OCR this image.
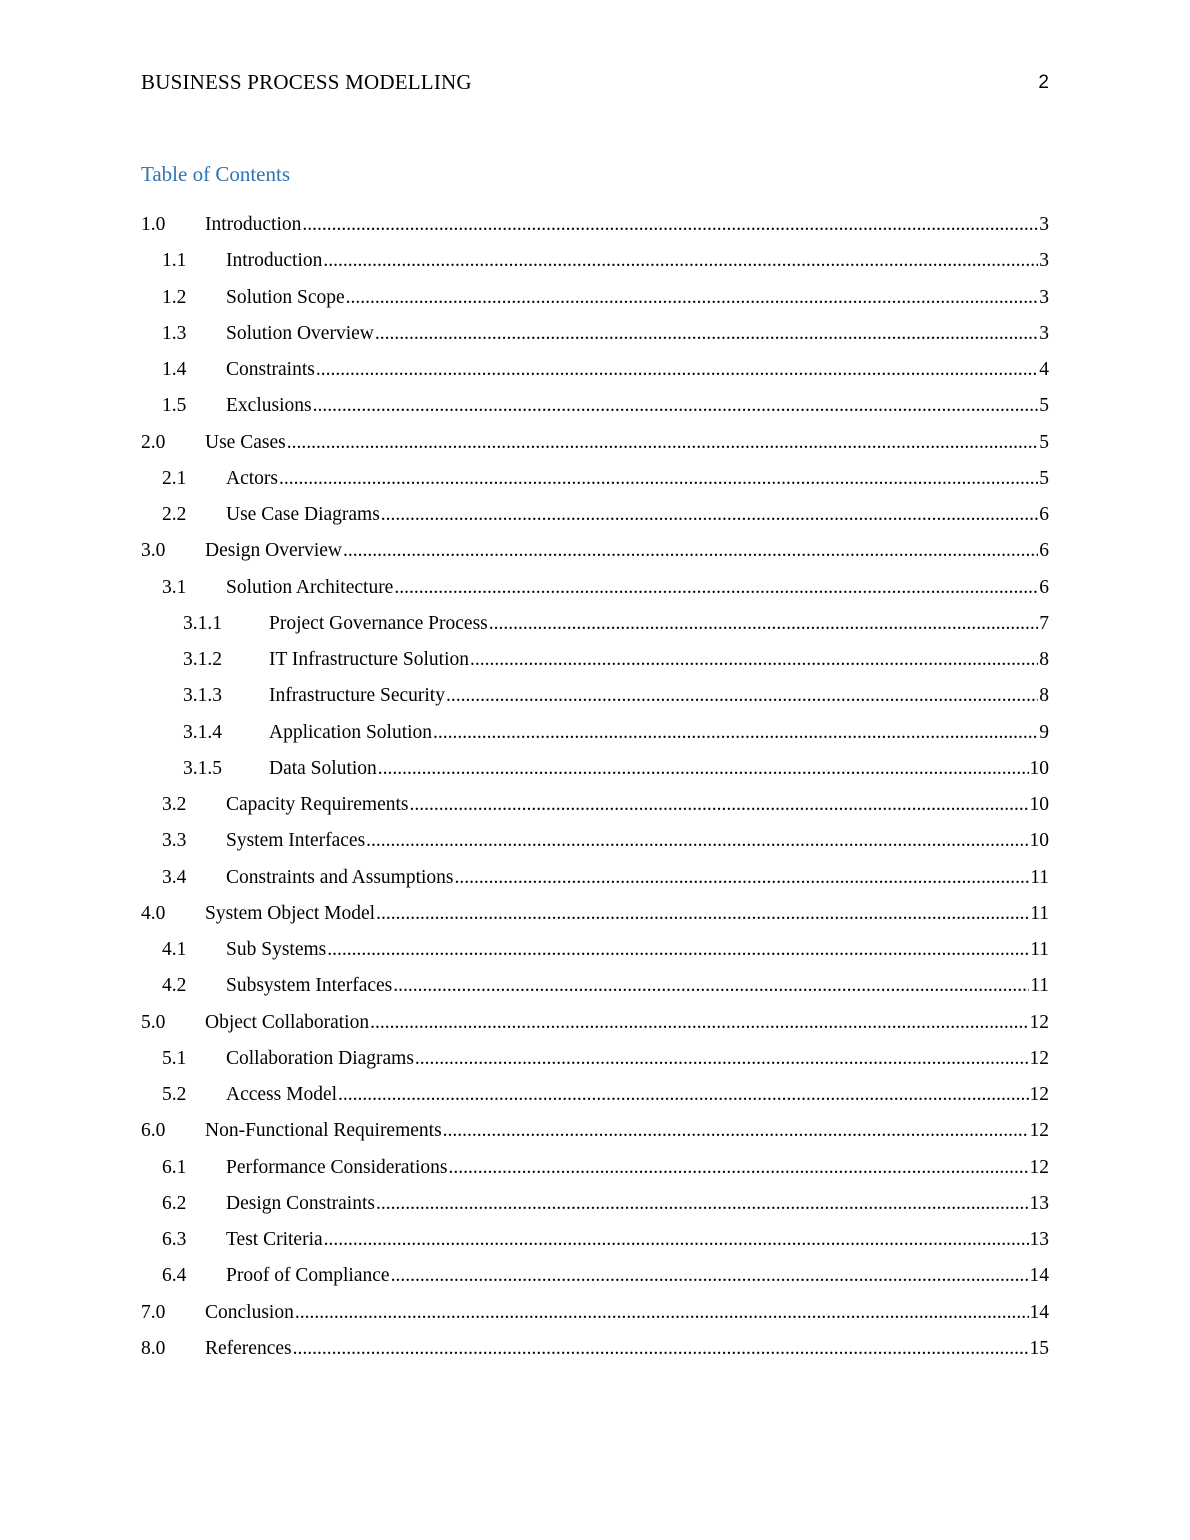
BUSINESS PROCESS MODELLING	2
Table of Contents
1.0	Introduction .....	3
1.1	Introduction .....	3
1.2	Solution Scope .....	3
1.3	Solution Overview .....	3
1.4	Constraints .....	4
1.5	Exclusions .....	5
2.0	Use Cases .....	5
2.1	Actors .....	5
2.2	Use Case Diagrams .....	6
3.0	Design Overview .....	6
3.1	Solution Architecture .....	6
3.1.1	Project Governance Process .....	7
3.1.2	IT Infrastructure Solution .....	8
3.1.3	Infrastructure Security .....	8
3.1.4	Application Solution .....	9
3.1.5	Data Solution .....	10
3.2	Capacity Requirements .....	10
3.3	System Interfaces .....	10
3.4	Constraints and Assumptions .....	11
4.0	System Object Model .....	11
4.1	Sub Systems .....	11
4.2	Subsystem Interfaces .....	11
5.0	Object Collaboration .....	12
5.1	Collaboration Diagrams .....	12
5.2	Access Model .....	12
6.0	Non-Functional Requirements .....	12
6.1	Performance Considerations .....	12
6.2	Design Constraints .....	13
6.3	Test Criteria .....	13
6.4	Proof of Compliance .....	14
7.0	Conclusion .....	14
8.0	References .....	15
